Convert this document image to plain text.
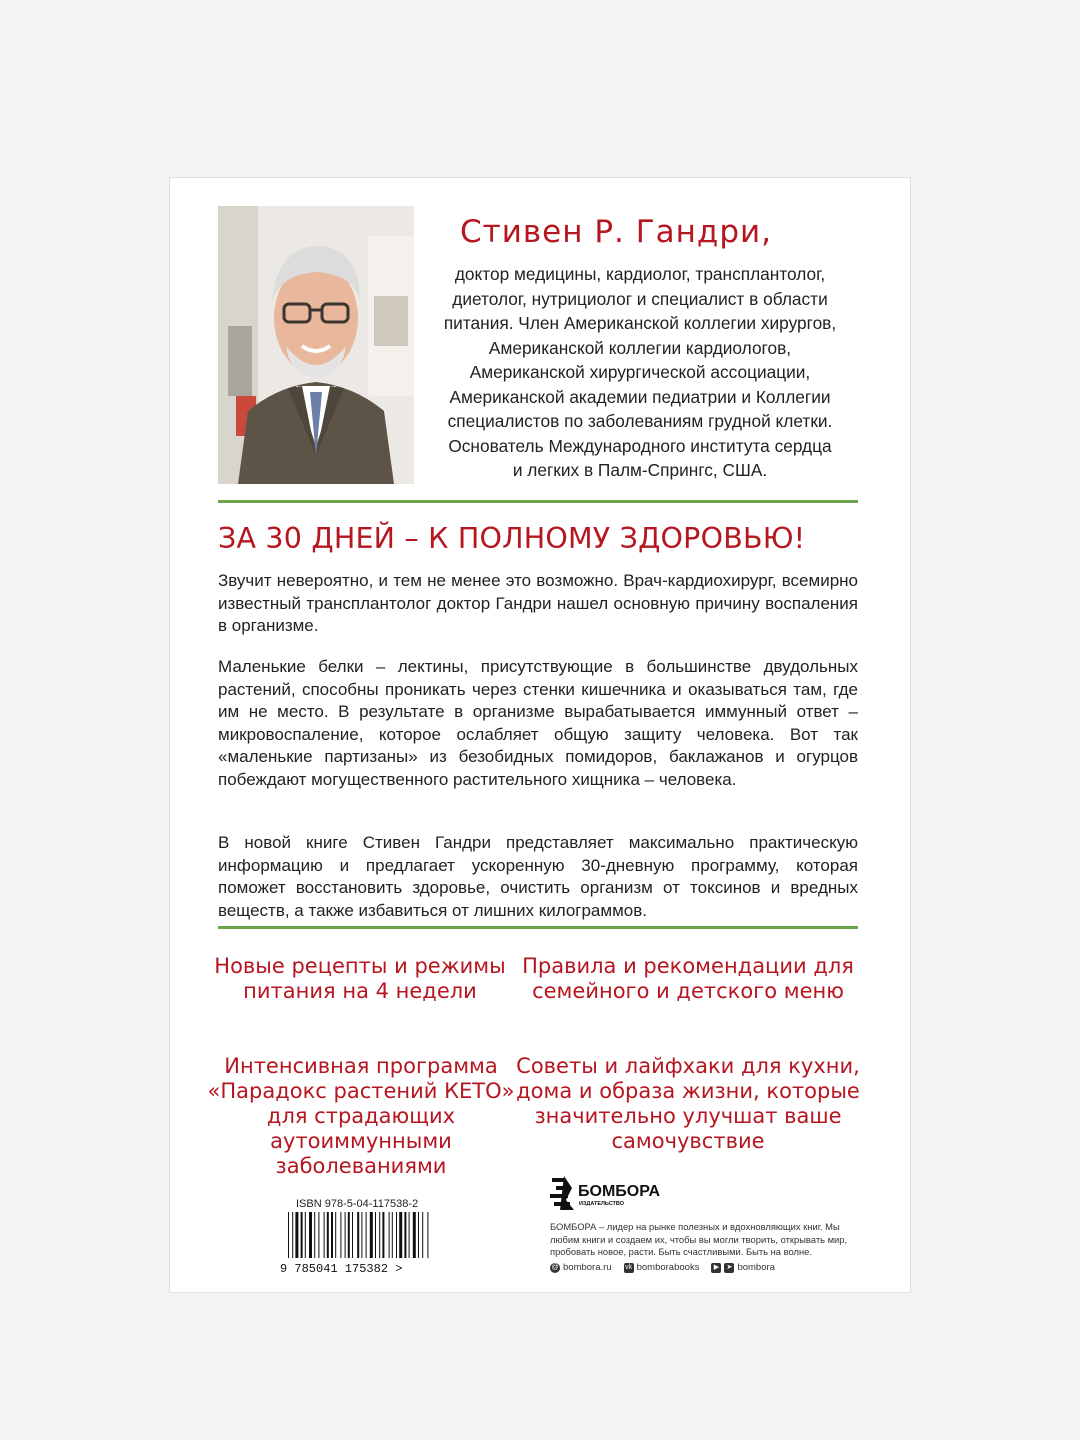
Стивен Р. Гандри,
доктор медицины, кардиолог, трансплантолог,
диетолог, нутрициолог и специалист в области
питания. Член Американской коллегии хирургов,
Американской коллегии кардиологов,
Американской хирургической ассоциации,
Американской академии педиатрии и Коллегии
специалистов по заболеваниям грудной клетки.
Основатель Международного института сердца
и легких в Палм-Спрингс, США.
ЗА 30 ДНЕЙ – К ПОЛНОМУ ЗДОРОВЬЮ!
Звучит невероятно, и тем не менее это возможно. Врач-кардиохирург, всемирно известный трансплантолог доктор Гандри нашел основную причину воспаления в организме.
Маленькие белки – лектины, присутствующие в большинстве двудольных растений, способны проникать через стенки кишечника и оказываться там, где им не место. В результате в организме вырабатывается иммунный ответ – микровоспаление, которое ослабляет общую защиту человека. Вот так «маленькие партизаны» из безобидных помидоров, баклажанов и огурцов побеждают могущественного растительного хищника – человека.
В новой книге Стивен Гандри представляет максимально практическую информацию и предлагает ускоренную 30-дневную программу, которая поможет восстановить здоровье, очистить организм от токсинов и вредных веществ, а также избавиться от лишних килограммов.
Новые рецепты и режимы питания на 4 недели
Правила и рекомендации для семейного и детского меню
Интенсивная программа «Парадокс растений КЕТО» для страдающих аутоиммунными заболеваниями
Советы и лайфхаки для кухни, дома и образа жизни, которые значительно улучшат ваше самочувствие
ISBN 978-5-04-117538-2
9 785041 175382 >
БОМБОРА
ИЗДАТЕЛЬСТВО
БОМБОРА – лидер на рынке полезных и вдохновляющих книг. Мы любим книги и создаем их, чтобы вы могли творить, открывать мир, пробовать новое, расти. Быть счастливыми. Быть на волне.
@ bombora.ru vk bomborabooks	▶	➤ bombora
